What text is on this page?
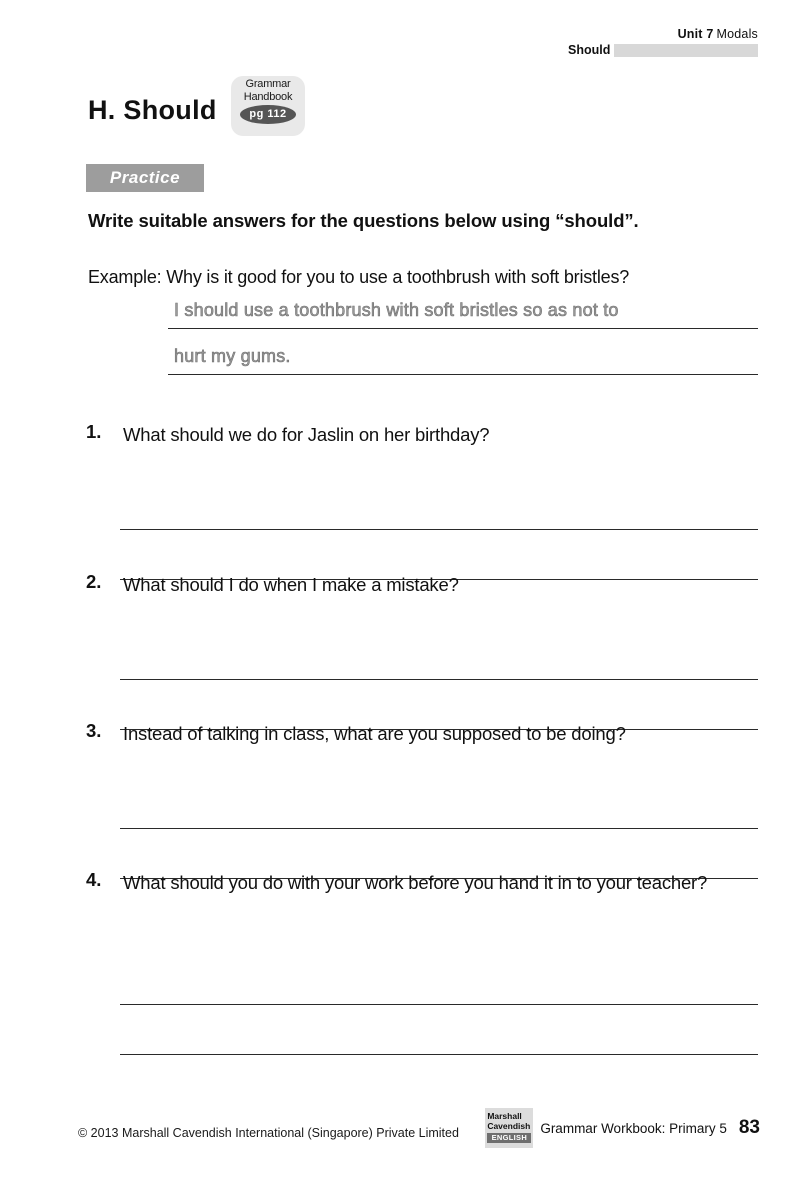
Unit 7 Modals
Should
H. Should
Grammar
Handbook
pg 112
Practice
Write suitable answers for the questions below using “should”.
Example: Why is it good for you to use a toothbrush with soft bristles?
I should use a toothbrush with soft bristles so as not to
hurt my gums.
1. What should we do for Jaslin on her birthday?
2. What should I do when I make a mistake?
3. Instead of talking in class, what are you supposed to be doing?
4. What should you do with your work before you hand it in to your teacher?
© 2013 Marshall Cavendish International (Singapore) Private Limited
Marshall Cavendish
ENGLISH
Grammar Workbook: Primary 5 83
